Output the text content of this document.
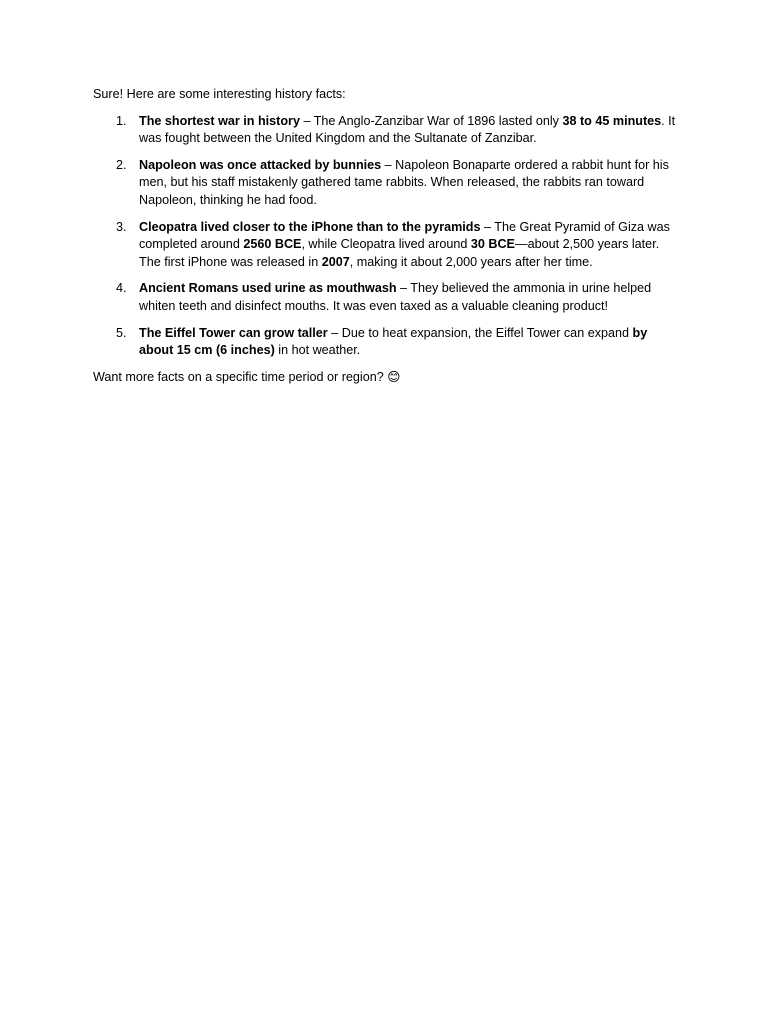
Sure! Here are some interesting history facts:

1. The shortest war in history – The Anglo-Zanzibar War of 1896 lasted only 38 to 45 minutes. It was fought between the United Kingdom and the Sultanate of Zanzibar.
2. Napoleon was once attacked by bunnies – Napoleon Bonaparte ordered a rabbit hunt for his men, but his staff mistakenly gathered tame rabbits. When released, the rabbits ran toward Napoleon, thinking he had food.
3. Cleopatra lived closer to the iPhone than to the pyramids – The Great Pyramid of Giza was completed around 2560 BCE, while Cleopatra lived around 30 BCE—about 2,500 years later. The first iPhone was released in 2007, making it about 2,000 years after her time.
4. Ancient Romans used urine as mouthwash – They believed the ammonia in urine helped whiten teeth and disinfect mouths. It was even taxed as a valuable cleaning product!
5. The Eiffel Tower can grow taller – Due to heat expansion, the Eiffel Tower can expand by about 15 cm (6 inches) in hot weather.

Want more facts on a specific time period or region? 😊
